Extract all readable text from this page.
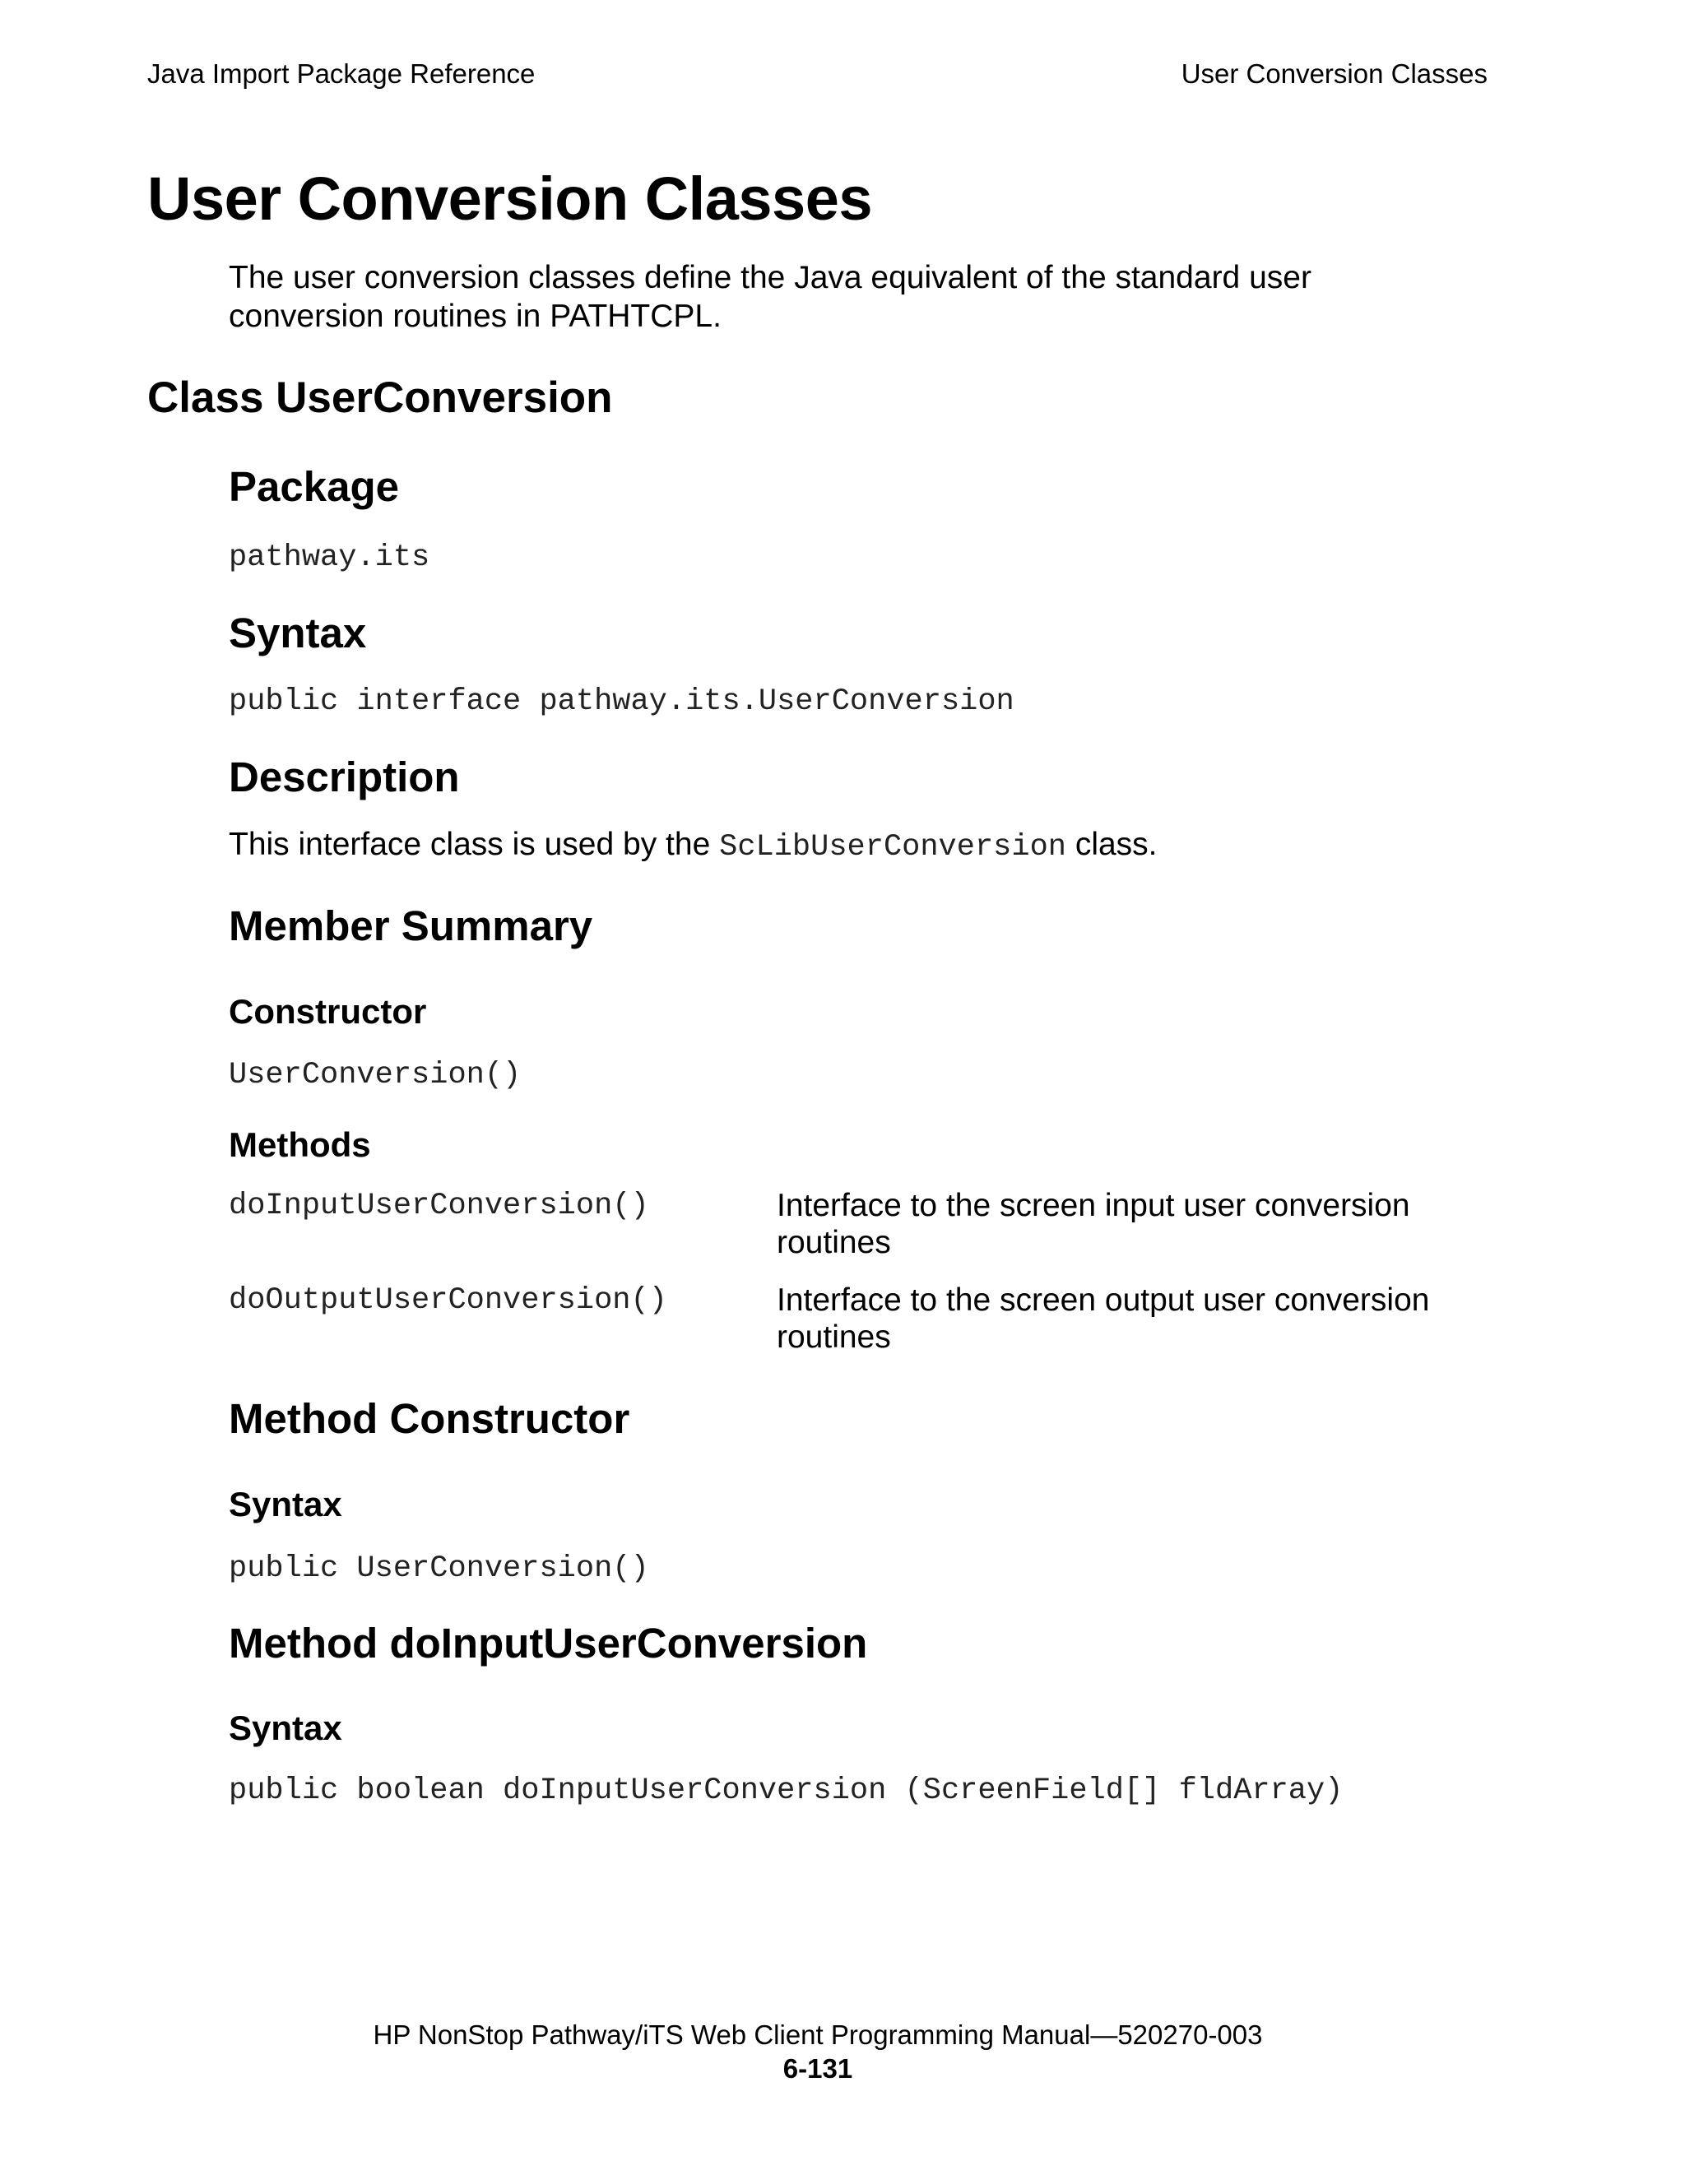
Java Import Package Reference	User Conversion Classes
User Conversion Classes
The user conversion classes define the Java equivalent of the standard user
conversion routines in PATHTCPL.
Class UserConversion
Package
pathway.its
Syntax
public interface pathway.its.UserConversion
Description
This interface class is used by the ScLibUserConversion class.
Member Summary
Constructor
UserConversion()
Methods
doInputUserConversion()	Interface to the screen input user conversion
routines
doOutputUserConversion()	Interface to the screen output user conversion
routines
Method Constructor
Syntax
public UserConversion()
Method doInputUserConversion
Syntax
public boolean doInputUserConversion (ScreenField[] fldArray)
HP NonStop Pathway/iTS Web Client Programming Manual—520270-003
6-131
